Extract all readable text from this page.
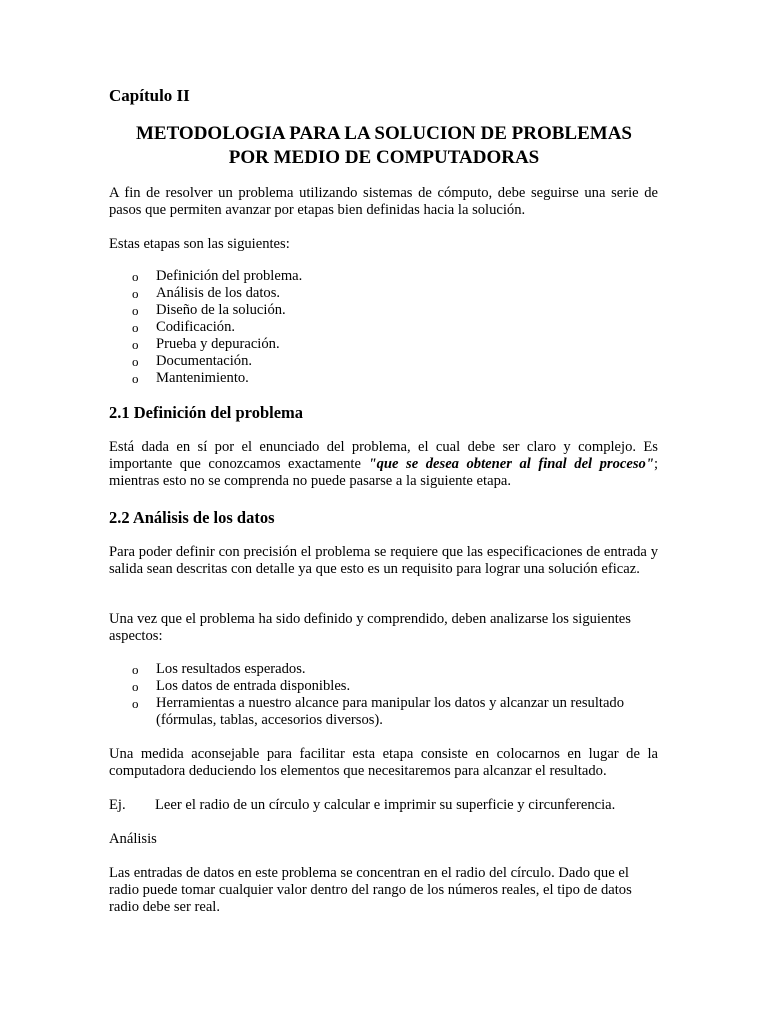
Capítulo II
METODOLOGIA PARA LA SOLUCION DE PROBLEMAS
POR MEDIO DE COMPUTADORAS

A fin de resolver un problema utilizando sistemas de cómputo, debe seguirse una serie de pasos que permiten avanzar por etapas bien definidas hacia la solución.

Estas etapas son las siguientes:

o Definición del problema.
o Análisis de los datos.
o Diseño de la solución.
o Codificación.
o Prueba y depuración.
o Documentación.
o Mantenimiento.
2.1 Definición del problema

Está dada en sí por el enunciado del problema, el cual debe ser claro y complejo. Es importante que conozcamos exactamente "que se desea obtener al final del proceso"; mientras esto no se comprenda no puede pasarse a la siguiente etapa.

2.2 Análisis de los datos

Para poder definir con precisión el problema se requiere que las especificaciones de entrada y salida sean descritas con detalle ya que esto es un requisito para lograr una solución eficaz.

Una vez que el problema ha sido definido y comprendido, deben analizarse los siguientes aspectos:

o Los resultados esperados.
o Los datos de entrada disponibles.
o Herramientas a nuestro alcance para manipular los datos y alcanzar un resultado (fórmulas, tablas, accesorios diversos).

Una medida aconsejable para facilitar esta etapa consiste en colocarnos en lugar de la computadora deduciendo los elementos que necesitaremos para alcanzar el resultado.

Ej. Leer el radio de un círculo y calcular e imprimir su superficie y circunferencia.

Análisis

Las entradas de datos en este problema se concentran en el radio del círculo. Dado que el radio puede tomar cualquier valor dentro del rango de los números reales, el tipo de datos radio debe ser real.
